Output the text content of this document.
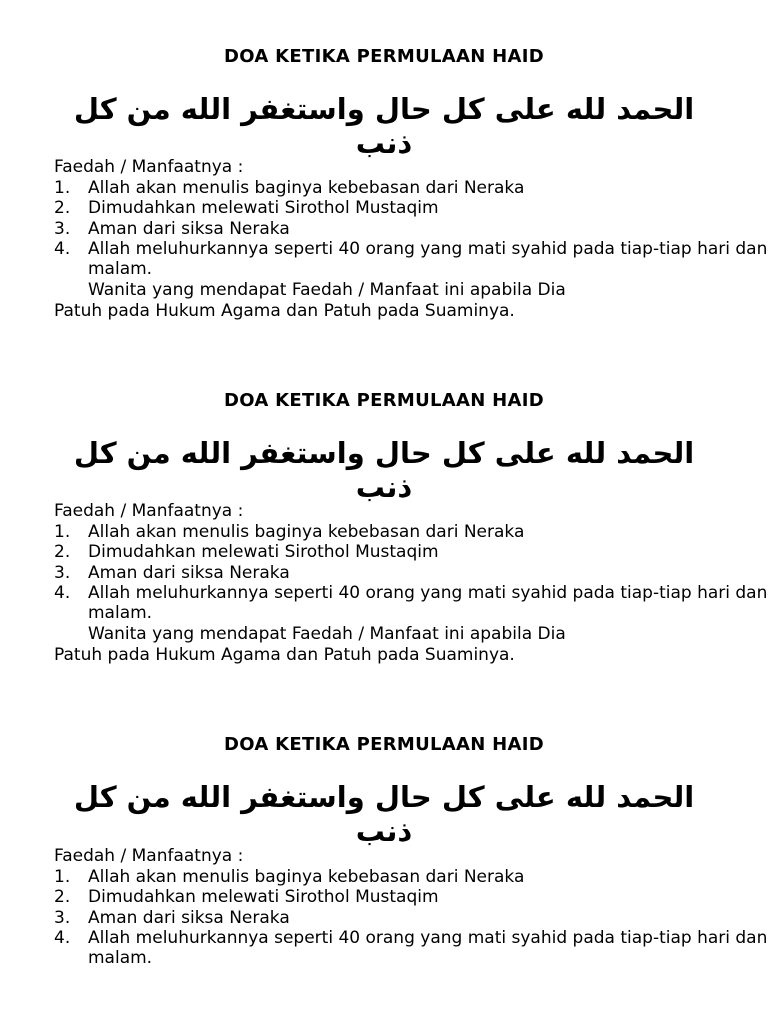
DOA KETIKA PERMULAAN HAID
الحمد لله على كل حال واستغفر الله من كل ذنب
Faedah / Manfaatnya :
1. Allah akan menulis baginya kebebasan dari Neraka
2. Dimudahkan melewati Sirothol Mustaqim
3. Aman dari siksa Neraka
4. Allah meluhurkannya seperti 40 orang yang mati syahid pada tiap-tiap hari dan malam.
Wanita yang mendapat Faedah / Manfaat ini apabila Dia
Patuh pada Hukum Agama dan Patuh pada Suaminya.
DOA KETIKA PERMULAAN HAID
الحمد لله على كل حال واستغفر الله من كل ذنب
Faedah / Manfaatnya :
1. Allah akan menulis baginya kebebasan dari Neraka
2. Dimudahkan melewati Sirothol Mustaqim
3. Aman dari siksa Neraka
4. Allah meluhurkannya seperti 40 orang yang mati syahid pada tiap-tiap hari dan malam.
Wanita yang mendapat Faedah / Manfaat ini apabila Dia
Patuh pada Hukum Agama dan Patuh pada Suaminya.
DOA KETIKA PERMULAAN HAID
الحمد لله على كل حال واستغفر الله من كل ذنب
Faedah / Manfaatnya :
1. Allah akan menulis baginya kebebasan dari Neraka
2. Dimudahkan melewati Sirothol Mustaqim
3. Aman dari siksa Neraka
4. Allah meluhurkannya seperti 40 orang yang mati syahid pada tiap-tiap hari dan malam.
